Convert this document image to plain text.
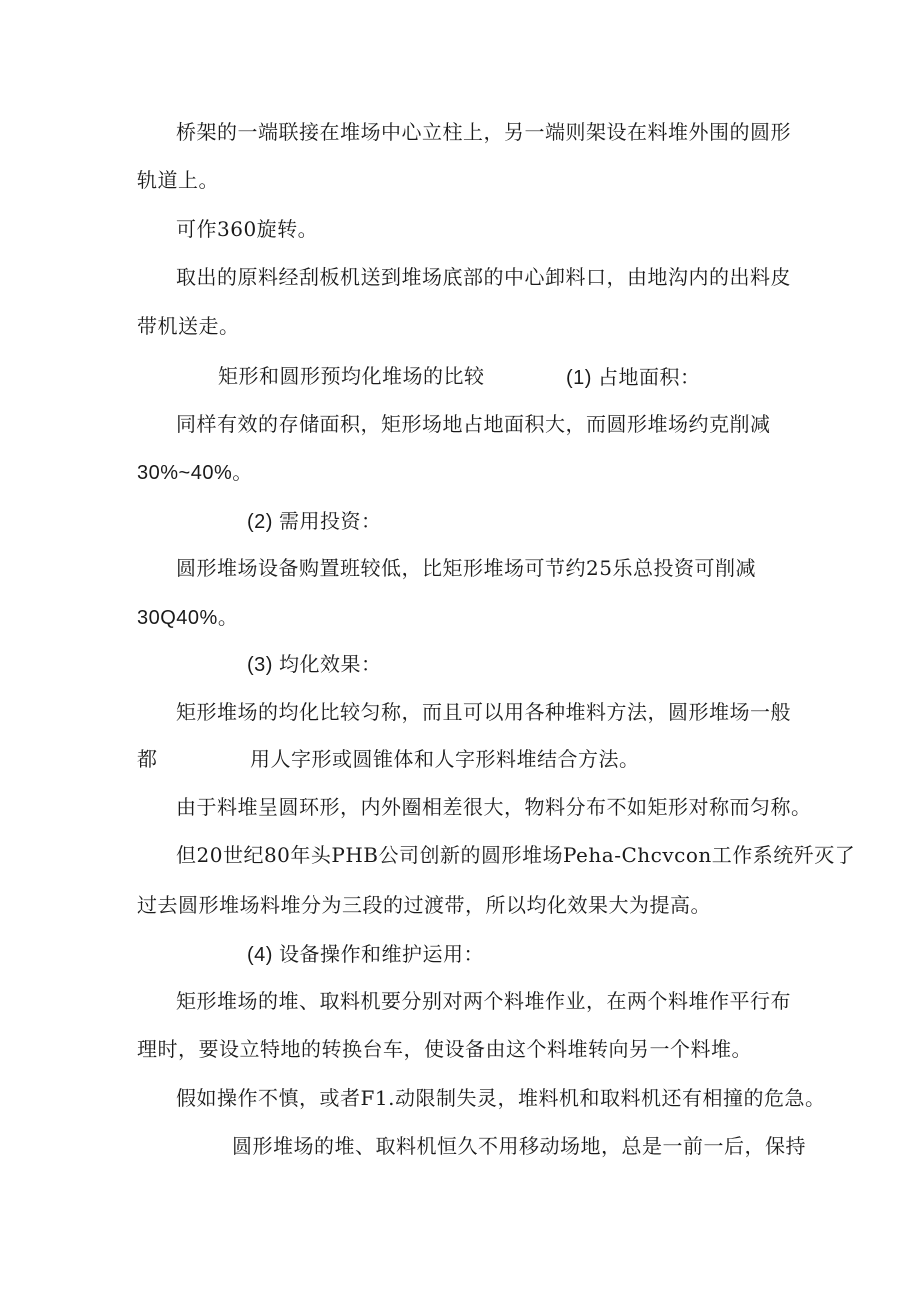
桥架的一端联接在堆场中心立柱上，另一端则架设在料堆外围的圆形
轨道上。
可作360旋转。
取出的原料经刮板机送到堆场底部的中心卸料口，由地沟内的出料皮
带机送走。
矩形和圆形预均化堆场的比较	(1) 占地面积：
同样有效的存储面积，矩形场地占地面积大，而圆形堆场约克削减
30%~40%。
(2) 需用投资：
圆形堆场设备购置班较低，比矩形堆场可节约25乐总投资可削减
30Q40%。
(3) 均化效果：
矩形堆场的均化比较匀称，而且可以用各种堆料方法，圆形堆场一般
都	用人字形或圆锥体和人字形料堆结合方法。
由于料堆呈圆环形，内外圈相差很大，物料分布不如矩形对称而匀称。
但20世纪80年头PHB公司创新的圆形堆场Peha-Chcvcon工作系统歼灭了
过去圆形堆场料堆分为三段的过渡带，所以均化效果大为提高。
(4) 设备操作和维护运用：
矩形堆场的堆、取料机要分别对两个料堆作业，在两个料堆作平行布
理时，要设立特地的转换台车，使设备由这个料堆转向另一个料堆。
假如操作不慎，或者F1.动限制失灵，堆料机和取料机还有相撞的危急。
圆形堆场的堆、取料机恒久不用移动场地，总是一前一后，保持
